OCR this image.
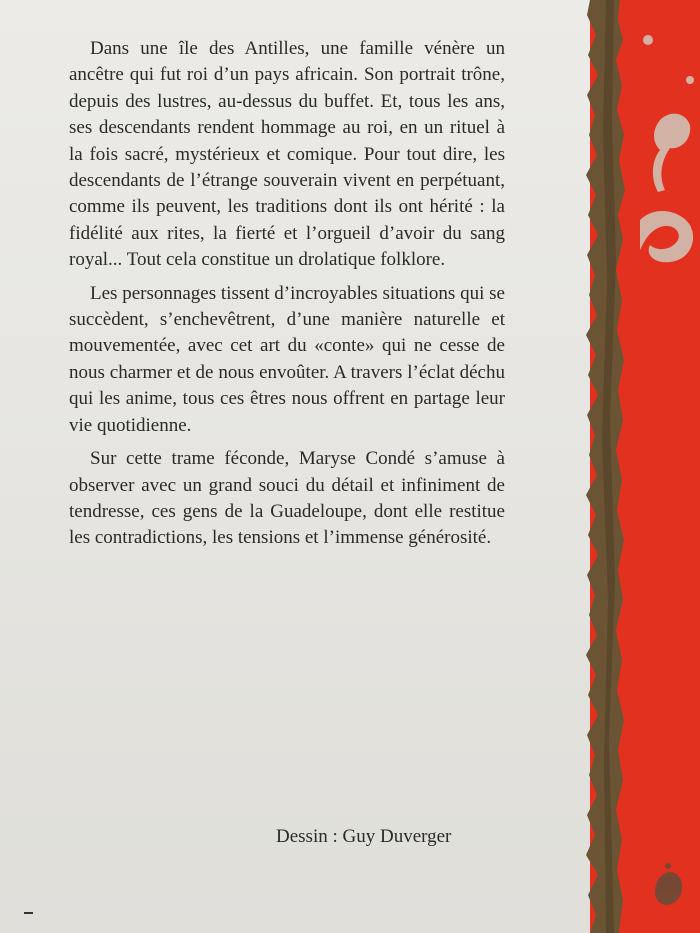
Dans une île des Antilles, une famille vénère un ancêtre qui fut roi d’un pays africain. Son portrait trône, depuis des lustres, au-dessus du buffet. Et, tous les ans, ses descendants rendent hommage au roi, en un rituel à la fois sacré, mystérieux et comique. Pour tout dire, les descendants de l’étrange souverain vivent en perpétuant, comme ils peuvent, les traditions dont ils ont hérité : la fidélité aux rites, la fierté et l’orgueil d’avoir du sang royal... Tout cela constitue un drolatique folklore.

Les personnages tissent d’incroyables situations qui se succèdent, s’enchevêtrent, d’une manière naturelle et mouvementée, avec cet art du «conte» qui ne cesse de nous charmer et de nous envoûter. A travers l’éclat déchu qui les anime, tous ces êtres nous offrent en partage leur vie quotidienne.

Sur cette trame féconde, Maryse Condé s’amuse à observer avec un grand souci du détail et infiniment de tendresse, ces gens de la Guadeloupe, dont elle restitue les contradictions, les tensions et l’immense générosité.

Dessin : Guy Duverger
